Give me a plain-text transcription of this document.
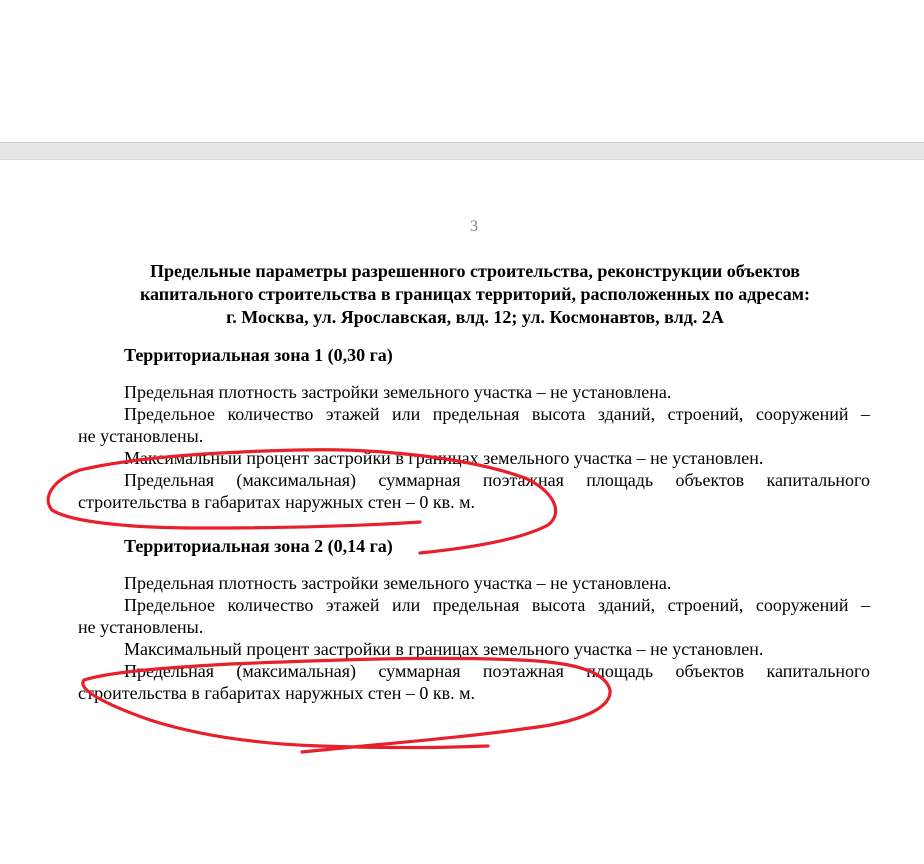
3
Предельные параметры разрешенного строительства, реконструкции объектов
капитального строительства в границах территорий, расположенных по адресам:
г. Москва, ул. Ярославская, влд. 12; ул. Космонавтов, влд. 2А
Территориальная зона 1 (0,30 га)
Предельная плотность застройки земельного участка – не установлена.
Предельное количество этажей или предельная высота зданий, строений, сооружений –
не установлены.
Максимальный процент застройки в границах земельного участка – не установлен.
Предельная (максимальная) суммарная поэтажная площадь объектов капитального
строительства в габаритах наружных стен – 0 кв. м.
Территориальная зона 2 (0,14 га)
Предельная плотность застройки земельного участка – не установлена.
Предельное количество этажей или предельная высота зданий, строений, сооружений –
не установлены.
Максимальный процент застройки в границах земельного участка – не установлен.
Предельная (максимальная) суммарная поэтажная площадь объектов капитального
строительства в габаритах наружных стен – 0 кв. м.
